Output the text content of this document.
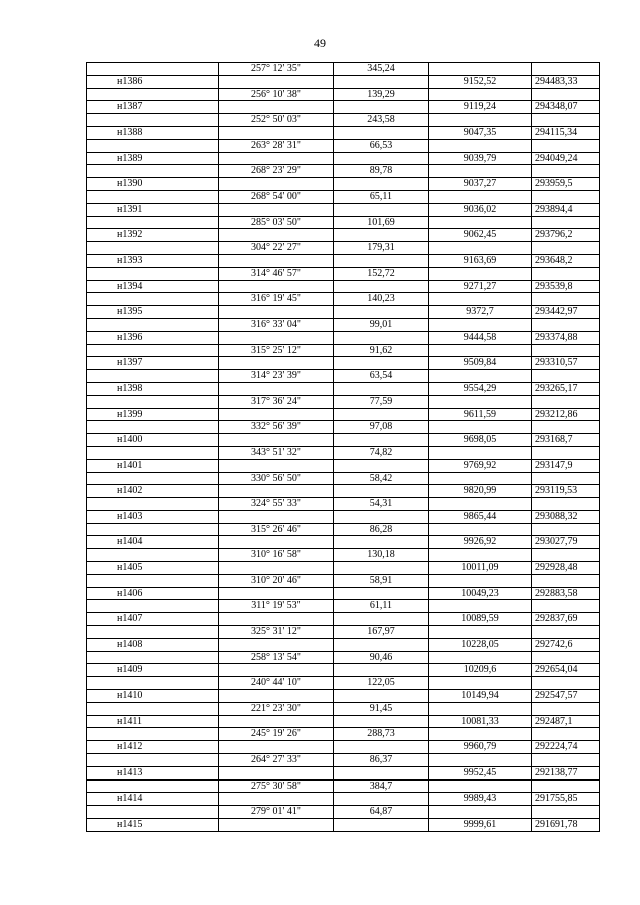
49
	257° 12' 35"	345,24		
н1386			9152,52	294483,33
	256° 10' 38"	139,29		
н1387			9119,24	294348,07
	252° 50' 03"	243,58		
н1388			9047,35	294115,34
	263° 28' 31"	66,53		
н1389			9039,79	294049,24
	268° 23' 29"	89,78		
н1390			9037,27	293959,5
	268° 54' 00"	65,11		
н1391			9036,02	293894,4
	285° 03' 50"	101,69		
н1392			9062,45	293796,2
	304° 22' 27"	179,31		
н1393			9163,69	293648,2
	314° 46' 57"	152,72		
н1394			9271,27	293539,8
	316° 19' 45"	140,23		
н1395			9372,7	293442,97
	316° 33' 04"	99,01		
н1396			9444,58	293374,88
	315° 25' 12"	91,62		
н1397			9509,84	293310,57
	314° 23' 39"	63,54		
н1398			9554,29	293265,17
	317° 36' 24"	77,59		
н1399			9611,59	293212,86
	332° 56' 39"	97,08		
н1400			9698,05	293168,7
	343° 51' 32"	74,82		
н1401			9769,92	293147,9
	330° 56' 50"	58,42		
н1402			9820,99	293119,53
	324° 55' 33"	54,31		
н1403			9865,44	293088,32
	315° 26' 46"	86,28		
н1404			9926,92	293027,79
	310° 16' 58"	130,18		
н1405			10011,09	292928,48
	310° 20' 46"	58,91		
н1406			10049,23	292883,58
	311° 19' 53"	61,11		
н1407			10089,59	292837,69
	325° 31' 12"	167,97		
н1408			10228,05	292742,6
	258° 13' 54"	90,46		
н1409			10209,6	292654,04
	240° 44' 10"	122,05		
н1410			10149,94	292547,57
	221° 23' 30"	91,45		
н1411			10081,33	292487,1
	245° 19' 26"	288,73		
н1412			9960,79	292224,74
	264° 27' 33"	86,37		
н1413			9952,45	292138,77
	275° 30' 58"	384,7		
н1414			9989,43	291755,85
	279° 01' 41"	64,87		
н1415			9999,61	291691,78
